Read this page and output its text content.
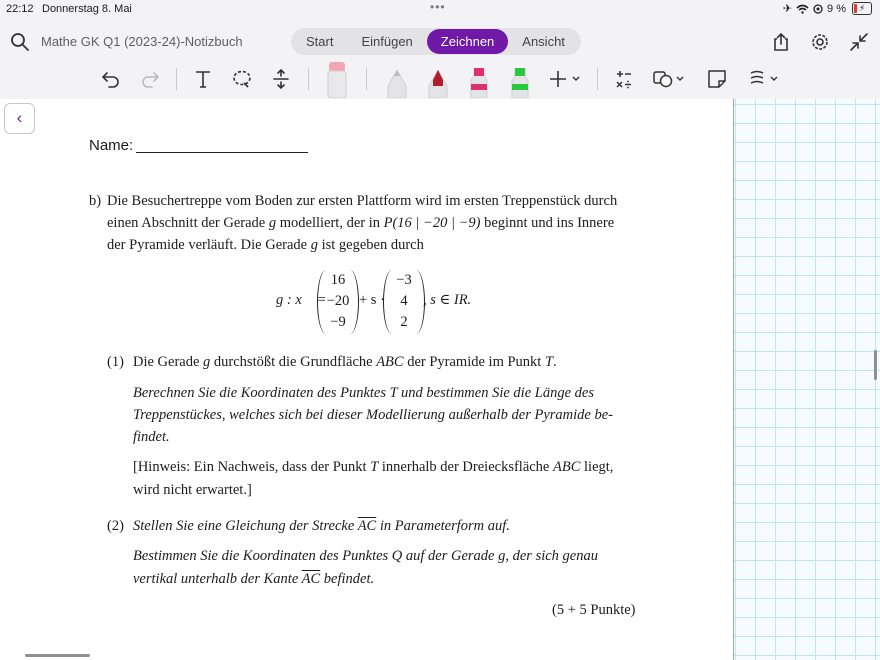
22:12 Donnerstag 8. Mai	•••	✈	9 % ⚡
Mathe GK Q1 (2023-24)-Notizbuch	Start	Einfügen	Zeichnen	Ansicht
‹
Name:
b) Die Besuchertreppe vom Boden zur ersten Plattform wird im ersten Treppenstück durch
einen Abschnitt der Gerade g modelliert, der in P(16 | −20 | −9) beginnt und ins Innere
der Pyramide verläuft. Die Gerade g ist gegeben durch
g : x⃗ =
16
−20
−9
+ s ·
−3
4
2
, s ∈ IR.
(1) Die Gerade g durchstößt die Grundfläche ABC der Pyramide im Punkt T.
Berechnen Sie die Koordinaten des Punktes T und bestimmen Sie die Länge des
Treppenstückes, welches sich bei dieser Modellierung außerhalb der Pyramide be-
findet.
[Hinweis: Ein Nachweis, dass der Punkt T innerhalb der Dreiecksfläche ABC liegt,
wird nicht erwartet.]
(2) Stellen Sie eine Gleichung der Strecke $\overline{AC}$ in Parameterform auf.
Bestimmen Sie die Koordinaten des Punktes Q auf der Gerade g, der sich genau
vertikal unterhalb der Kante $\overline{AC}$ befindet.
(5 + 5 Punkte)
